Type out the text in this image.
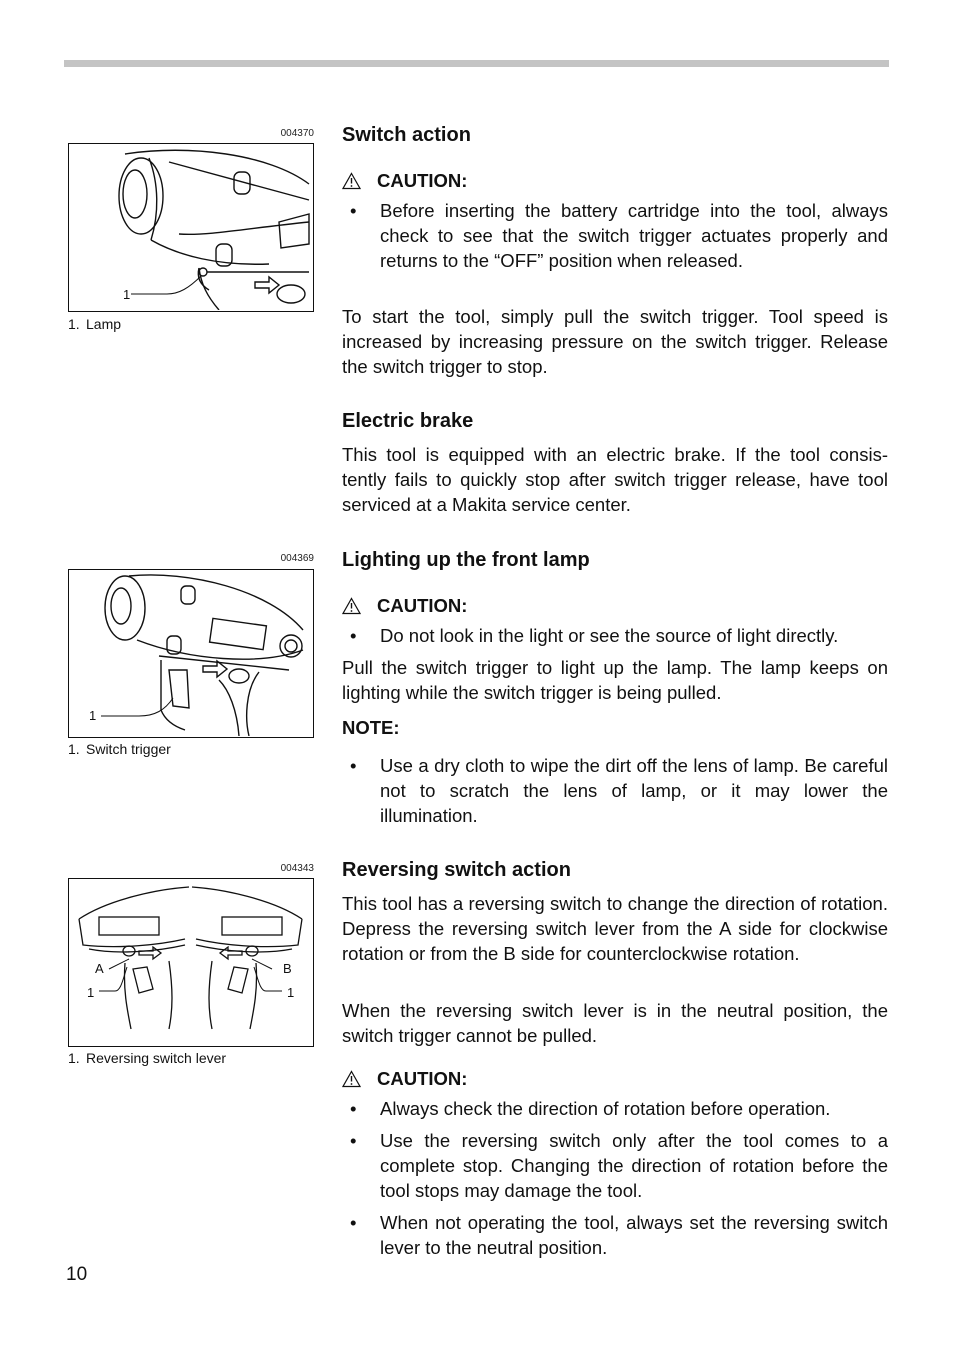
004370
1
1. Lamp
004369
1
1. Switch trigger
004343
A	B
1	1
1. Reversing switch lever
Switch action
CAUTION:
• Before inserting the battery cartridge into the tool, always check to see that the switch trigger actuates properly and returns to the “OFF” position when released.

To start the tool, simply pull the switch trigger. Tool speed is increased by increasing pressure on the switch trigger. Release the switch trigger to stop.

Electric brake

This tool is equipped with an electric brake. If the tool consis- tently fails to quickly stop after switch trigger release, have tool serviced at a Makita service center.

Lighting up the front lamp
CAUTION:
• Do not look in the light or see the source of light directly.

Pull the switch trigger to light up the lamp. The lamp keeps on lighting while the switch trigger is being pulled.

NOTE:
• Use a dry cloth to wipe the dirt off the lens of lamp. Be careful not to scratch the lens of lamp, or it may lower the illumination.
Reversing switch action

This tool has a reversing switch to change the direction of rotation. Depress the reversing switch lever from the A side for clockwise rotation or from the B side for counterclockwise rotation.

When the reversing switch lever is in the neutral position, the switch trigger cannot be pulled.

CAUTION:
• Always check the direction of rotation before operation.
• Use the reversing switch only after the tool comes to a complete stop. Changing the direction of rotation before the tool stops may damage the tool.
• When not operating the tool, always set the reversing switch lever to the neutral position.
10
